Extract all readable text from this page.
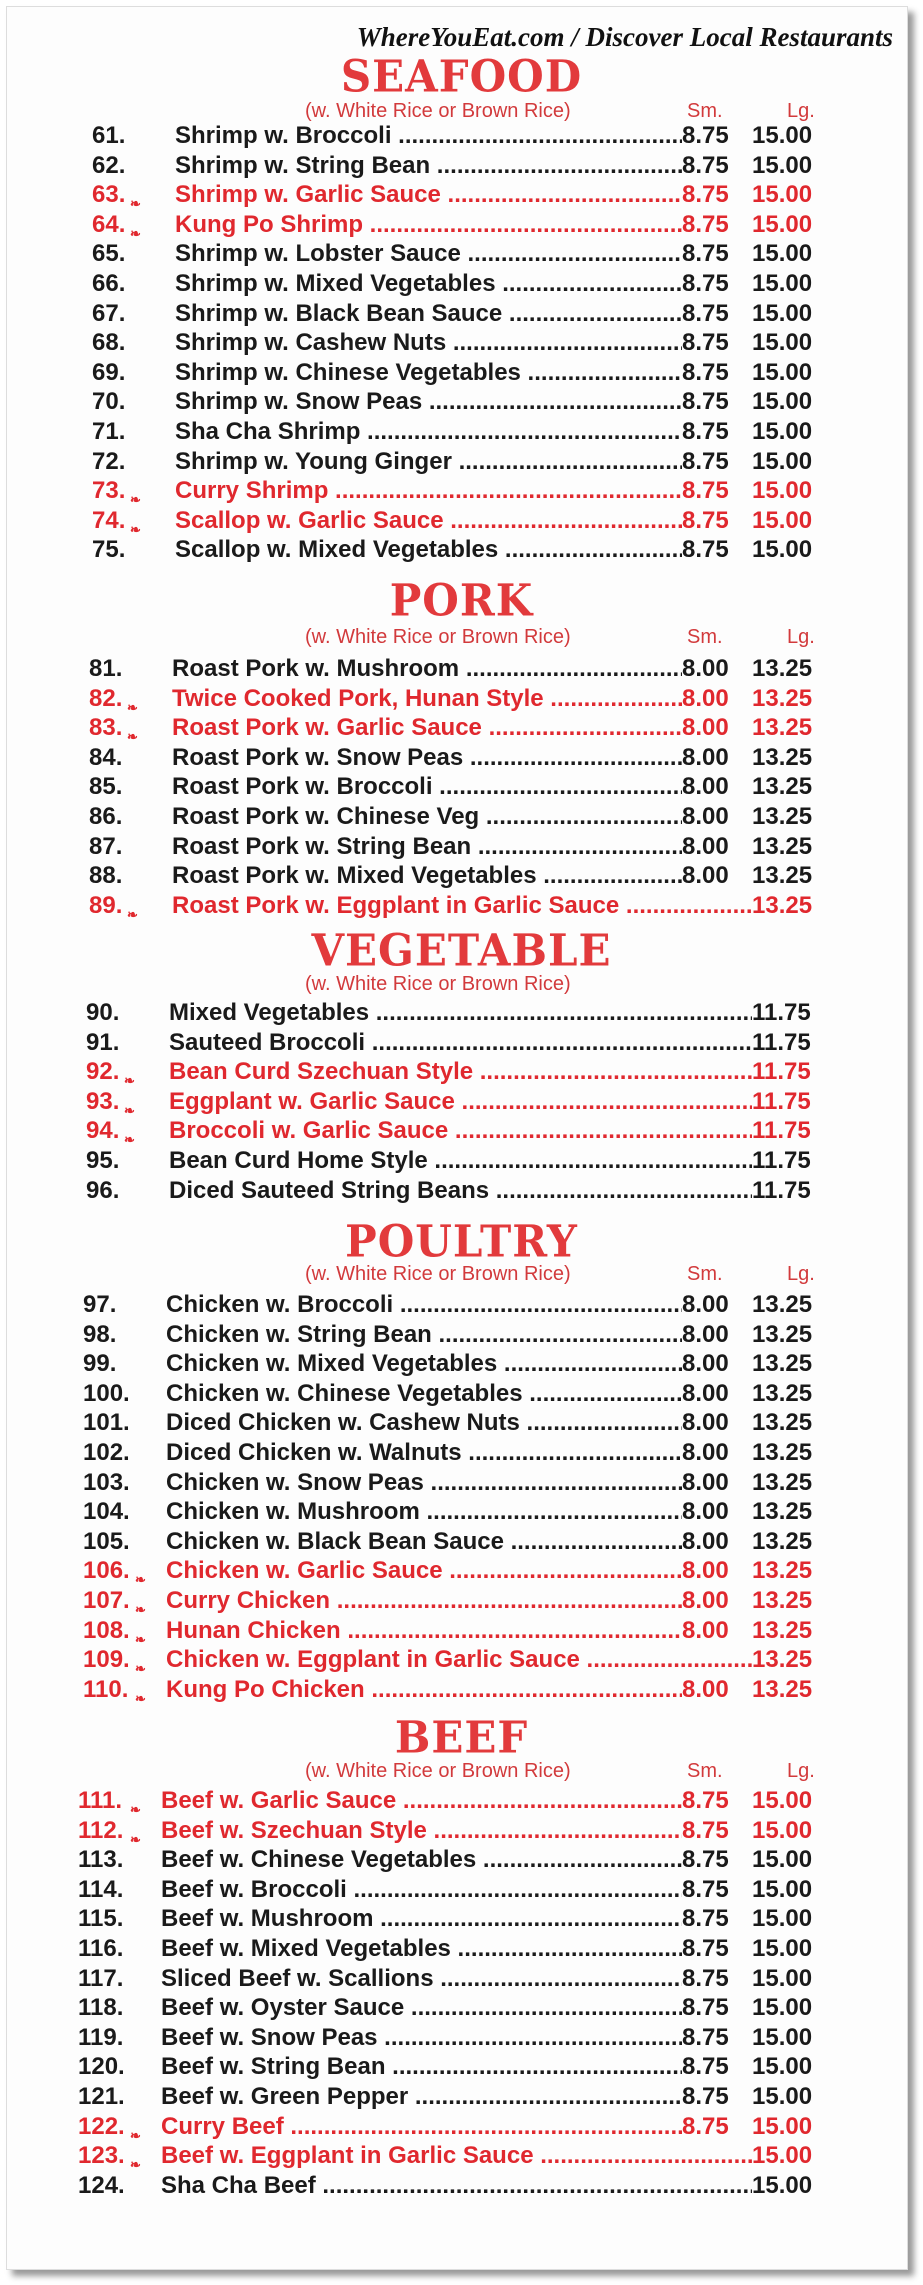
WhereYouEat.com / Discover Local Restaurants
SEAFOOD
(w. White Rice or Brown Rice)	Sm.	Lg.
61. Shrimp w. Broccoli .....	8.75 15.00
62. Shrimp w. String Bean .....	8.75 15.00
63. ❧ Shrimp w. Garlic Sauce .....	8.75 15.00
64. ❧ Kung Po Shrimp .....	8.75 15.00
65. Shrimp w. Lobster Sauce .....	8.75 15.00
66. Shrimp w. Mixed Vegetables .....	8.75 15.00
67. Shrimp w. Black Bean Sauce .....	8.75 15.00
68. Shrimp w. Cashew Nuts .....	8.75 15.00
69. Shrimp w. Chinese Vegetables .....	8.75 15.00
70. Shrimp w. Snow Peas .....	8.75 15.00
71. Sha Cha Shrimp .....	8.75 15.00
72. Shrimp w. Young Ginger .....	8.75 15.00
73. ❧ Curry Shrimp .....	8.75 15.00
74. ❧ Scallop w. Garlic Sauce .....	8.75 15.00
75. Scallop w. Mixed Vegetables .....	8.75 15.00
PORK
(w. White Rice or Brown Rice)	Sm.	Lg.
81. Roast Pork w. Mushroom .....	8.00 13.25
82. ❧ Twice Cooked Pork, Hunan Style .....	8.00 13.25
83. ❧ Roast Pork w. Garlic Sauce .....	8.00 13.25
84. Roast Pork w. Snow Peas .....	8.00 13.25
85. Roast Pork w. Broccoli .....	8.00 13.25
86. Roast Pork w. Chinese Veg .....	8.00 13.25
87. Roast Pork w. String Bean .....	8.00 13.25
88. Roast Pork w. Mixed Vegetables .....	8.00 13.25
89. ❧ Roast Pork w. Eggplant in Garlic Sauce .....	13.25
VEGETABLE
(w. White Rice or Brown Rice)
90. Mixed Vegetables .....	11.75
91. Sauteed Broccoli .....	11.75
92. ❧ Bean Curd Szechuan Style .....	11.75
93. ❧ Eggplant w. Garlic Sauce .....	11.75
94. ❧ Broccoli w. Garlic Sauce .....	11.75
95. Bean Curd Home Style .....	11.75
96. Diced Sauteed String Beans .....	11.75
POULTRY
(w. White Rice or Brown Rice)	Sm.	Lg.
97. Chicken w. Broccoli .....	8.00 13.25
98. Chicken w. String Bean .....	8.00 13.25
99. Chicken w. Mixed Vegetables .....	8.00 13.25
100. Chicken w. Chinese Vegetables .....	8.00 13.25
101. Diced Chicken w. Cashew Nuts .....	8.00 13.25
102. Diced Chicken w. Walnuts .....	8.00 13.25
103. Chicken w. Snow Peas .....	8.00 13.25
104. Chicken w. Mushroom .....	8.00 13.25
105. Chicken w. Black Bean Sauce .....	8.00 13.25
106. ❧ Chicken w. Garlic Sauce .....	8.00 13.25
107. ❧ Curry Chicken .....	8.00 13.25
108. ❧ Hunan Chicken .....	8.00 13.25
109. ❧ Chicken w. Eggplant in Garlic Sauce .....	13.25
110. ❧ Kung Po Chicken .....	8.00 13.25
BEEF
(w. White Rice or Brown Rice)	Sm.	Lg.
111. ❧ Beef w. Garlic Sauce .....	8.75 15.00
112. ❧ Beef w. Szechuan Style .....	8.75 15.00
113. Beef w. Chinese Vegetables .....	8.75 15.00
114. Beef w. Broccoli .....	8.75 15.00
115. Beef w. Mushroom .....	8.75 15.00
116. Beef w. Mixed Vegetables .....	8.75 15.00
117. Sliced Beef w. Scallions .....	8.75 15.00
118. Beef w. Oyster Sauce .....	8.75 15.00
119. Beef w. Snow Peas .....	8.75 15.00
120. Beef w. String Bean .....	8.75 15.00
121. Beef w. Green Pepper .....	8.75 15.00
122. ❧ Curry Beef .....	8.75 15.00
123. ❧ Beef w. Eggplant in Garlic Sauce .....	15.00
124. Sha Cha Beef .....	15.00
